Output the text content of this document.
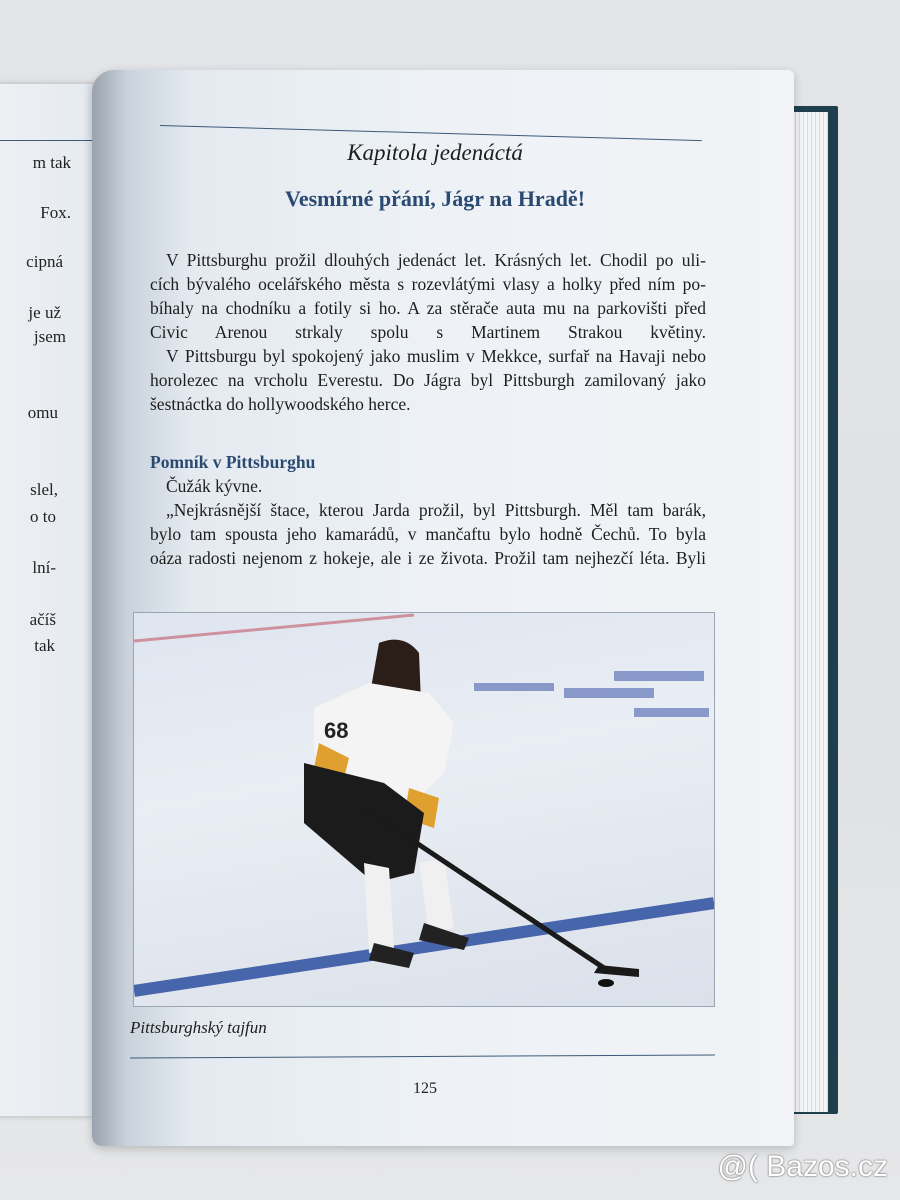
m tak
Fox.
cipná
je už
jsem
omu
slel,
o to
lní-
ačíš
tak
Kapitola jedenáctá
Vesmírné přání, Jágr na Hradě!
V Pittsburghu prožil dlouhých jedenáct let. Krásných let. Chodil po uli-
cích bývalého ocelářského města s rozevlátými vlasy a holky před ním po-
bíhaly na chodníku a fotily si ho. A za stěrače auta mu na parkovišti před
Civic Arenou strkaly spolu s Martinem Strakou květiny.
V Pittsburgu byl spokojený jako muslim v Mekkce, surfař na Havaji nebo
horolezec na vrcholu Everestu. Do Jágra byl Pittsburgh zamilovaný jako
šestnáctka do hollywoodského herce.
Pomník v Pittsburghu
Čužák kývne.
„Nejkrásnější štace, kterou Jarda prožil, byl Pittsburgh. Měl tam barák,
bylo tam spousta jeho kamarádů, v mančaftu bylo hodně Čechů. To byla
oáza radosti nejenom z hokeje, ale i ze života. Prožil tam nejhezčí léta. Byli
68
Pittsburghský tajfun
125
@( Bazos.cz
